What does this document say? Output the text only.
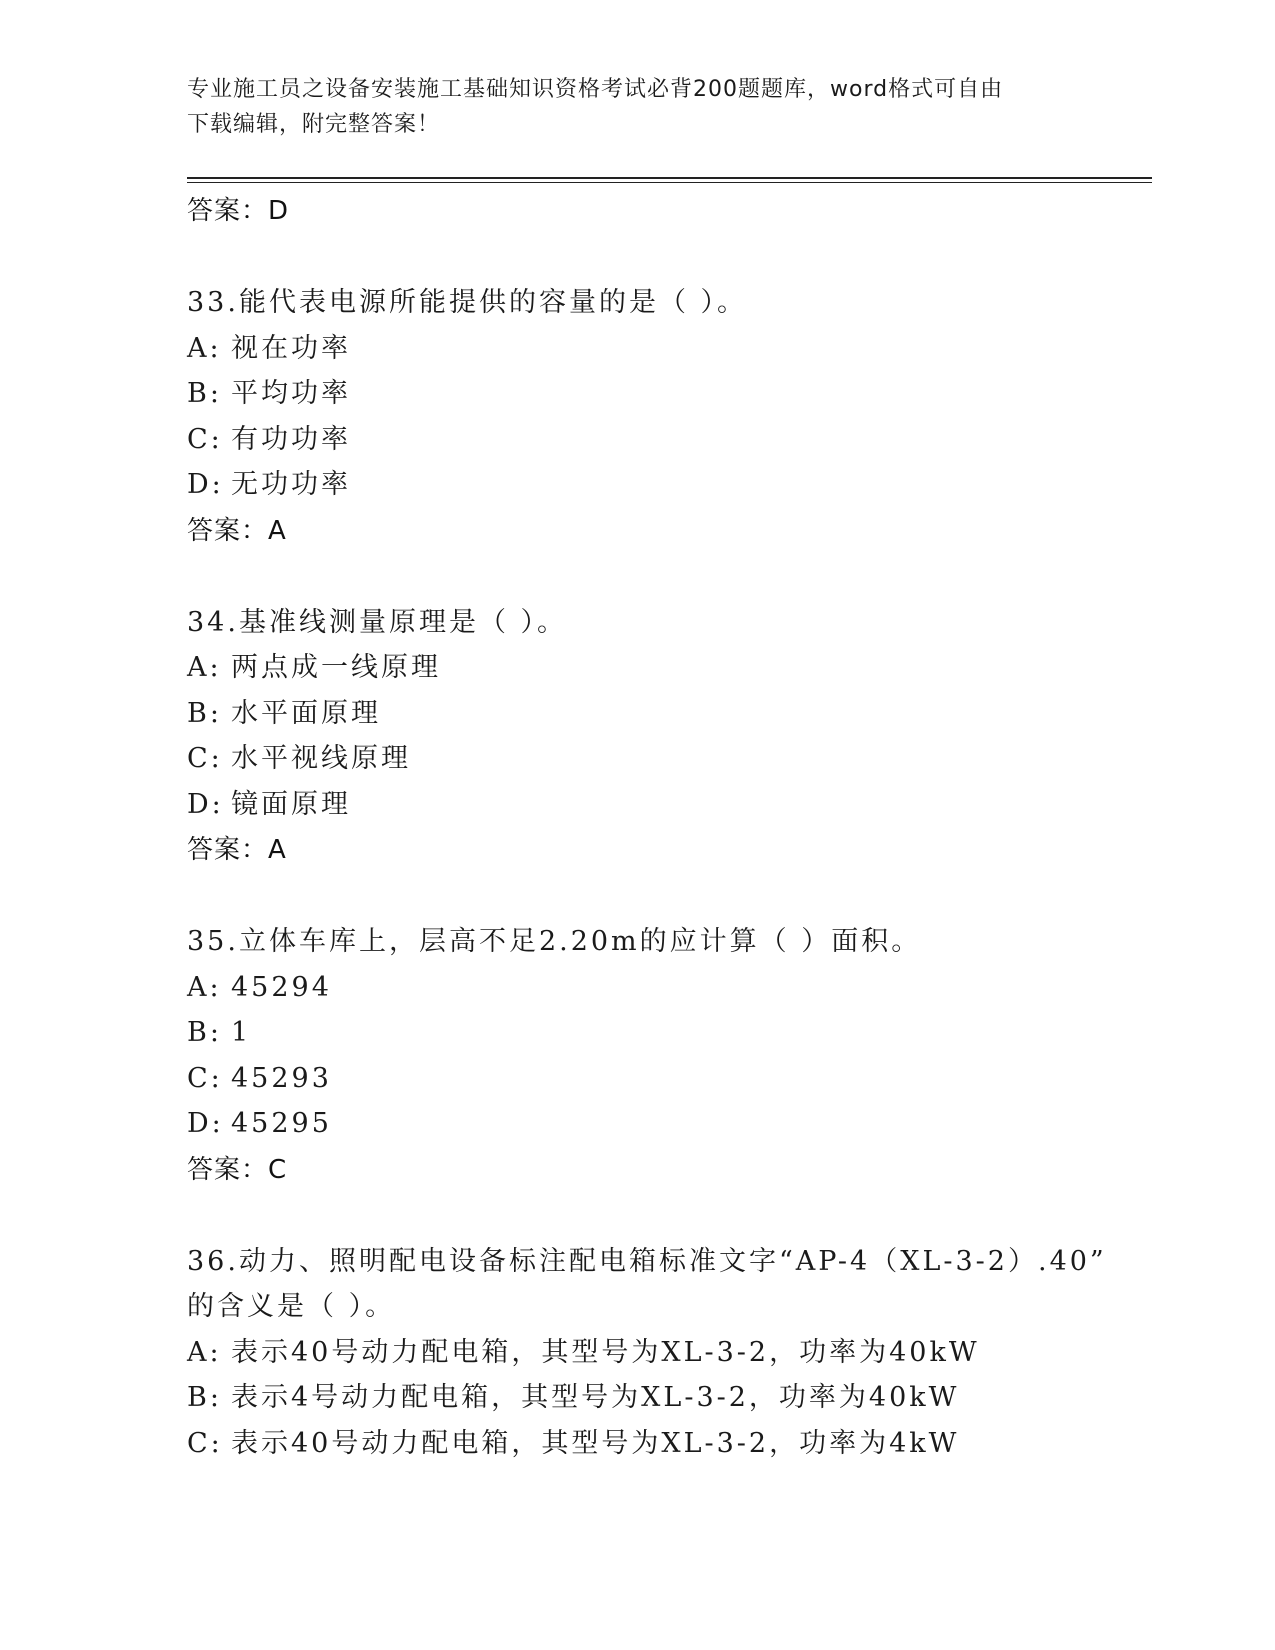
专业施工员之设备安装施工基础知识资格考试必背200题题库，word格式可自由
下载编辑，附完整答案！
答案：D
33.能代表电源所能提供的容量的是（ ）。
A: 视在功率
B: 平均功率
C: 有功功率
D: 无功功率
答案：A
34.基准线测量原理是（ ）。
A: 两点成一线原理
B: 水平面原理
C: 水平视线原理
D: 镜面原理
答案：A
35.立体车库上，层高不足2.20m的应计算（ ）面积。
A: 45294
B: 1
C: 45293
D: 45295
答案：C
36.动力、照明配电设备标注配电箱标准文字“AP-4（XL-3-2）.40”
的含义是（ ）。
A: 表示40号动力配电箱，其型号为XL-3-2，功率为40kW
B: 表示4号动力配电箱，其型号为XL-3-2，功率为40kW
C: 表示40号动力配电箱，其型号为XL-3-2，功率为4kW
